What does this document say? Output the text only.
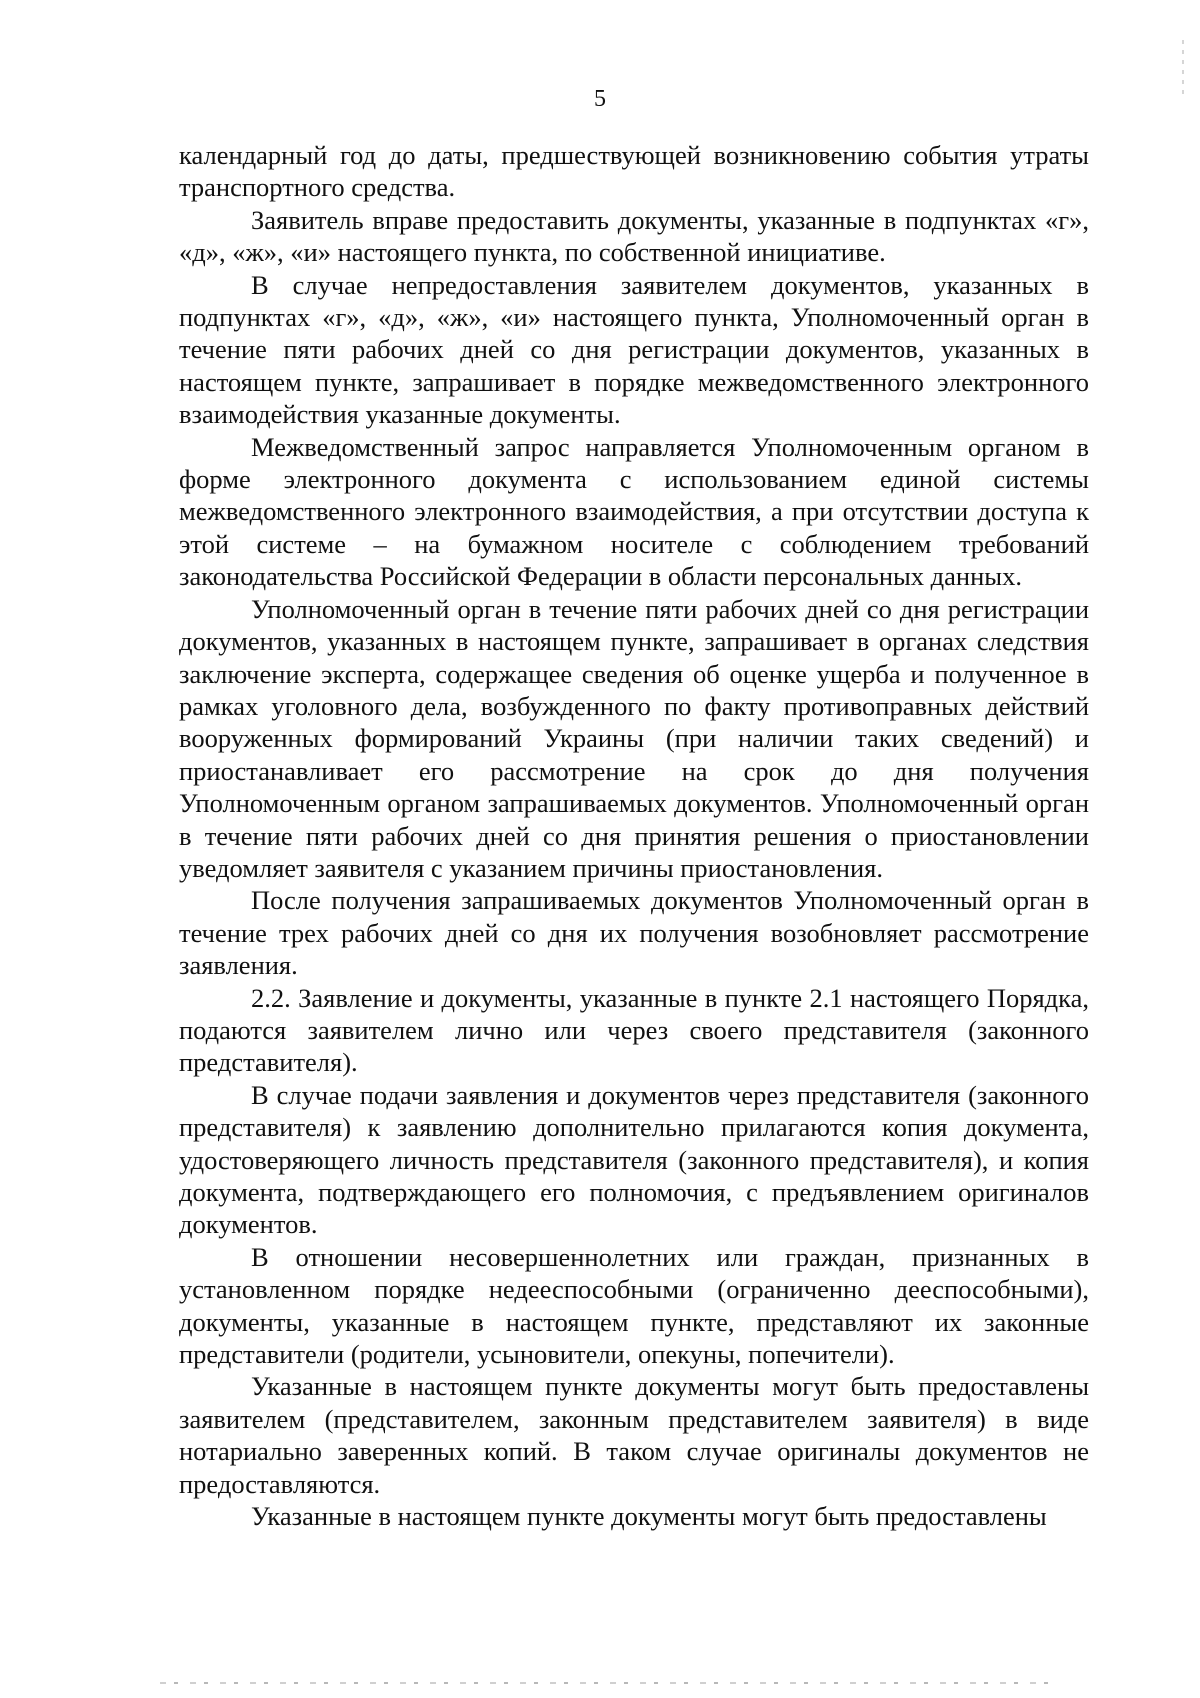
5

календарный год до даты, предшествующей возникновению события утраты транспортного средства.

Заявитель вправе предоставить документы, указанные в подпунктах «г», «д», «ж», «и» настоящего пункта, по собственной инициативе.

В случае непредоставления заявителем документов, указанных в подпунктах «г», «д», «ж», «и» настоящего пункта, Уполномоченный орган в течение пяти рабочих дней со дня регистрации документов, указанных в настоящем пункте, запрашивает в порядке межведомственного электронного взаимодействия указанные документы.

Межведомственный запрос направляется Уполномоченным органом в форме электронного документа с использованием единой системы межведомственного электронного взаимодействия, а при отсутствии доступа к этой системе – на бумажном носителе с соблюдением требований законодательства Российской Федерации в области персональных данных.

Уполномоченный орган в течение пяти рабочих дней со дня регистрации документов, указанных в настоящем пункте, запрашивает в органах следствия заключение эксперта, содержащее сведения об оценке ущерба и полученное в рамках уголовного дела, возбужденного по факту противоправных действий вооруженных формирований Украины (при наличии таких сведений) и приостанавливает его рассмотрение на срок до дня получения Уполномоченным органом запрашиваемых документов. Уполномоченный орган в течение пяти рабочих дней со дня принятия решения о приостановлении уведомляет заявителя с указанием причины приостановления.

После получения запрашиваемых документов Уполномоченный орган в течение трех рабочих дней со дня их получения возобновляет рассмотрение заявления.

2.2. Заявление и документы, указанные в пункте 2.1 настоящего Порядка, подаются заявителем лично или через своего представителя (законного представителя).

В случае подачи заявления и документов через представителя (законного представителя) к заявлению дополнительно прилагаются копия документа, удостоверяющего личность представителя (законного представителя), и копия документа, подтверждающего его полномочия, с предъявлением оригиналов документов.

В отношении несовершеннолетних или граждан, признанных в установленном порядке недееспособными (ограниченно дееспособными), документы, указанные в настоящем пункте, представляют их законные представители (родители, усыновители, опекуны, попечители).

Указанные в настоящем пункте документы могут быть предоставлены заявителем (представителем, законным представителем заявителя) в виде нотариально заверенных копий. В таком случае оригиналы документов не предоставляются.

Указанные в настоящем пункте документы могут быть предоставлены
